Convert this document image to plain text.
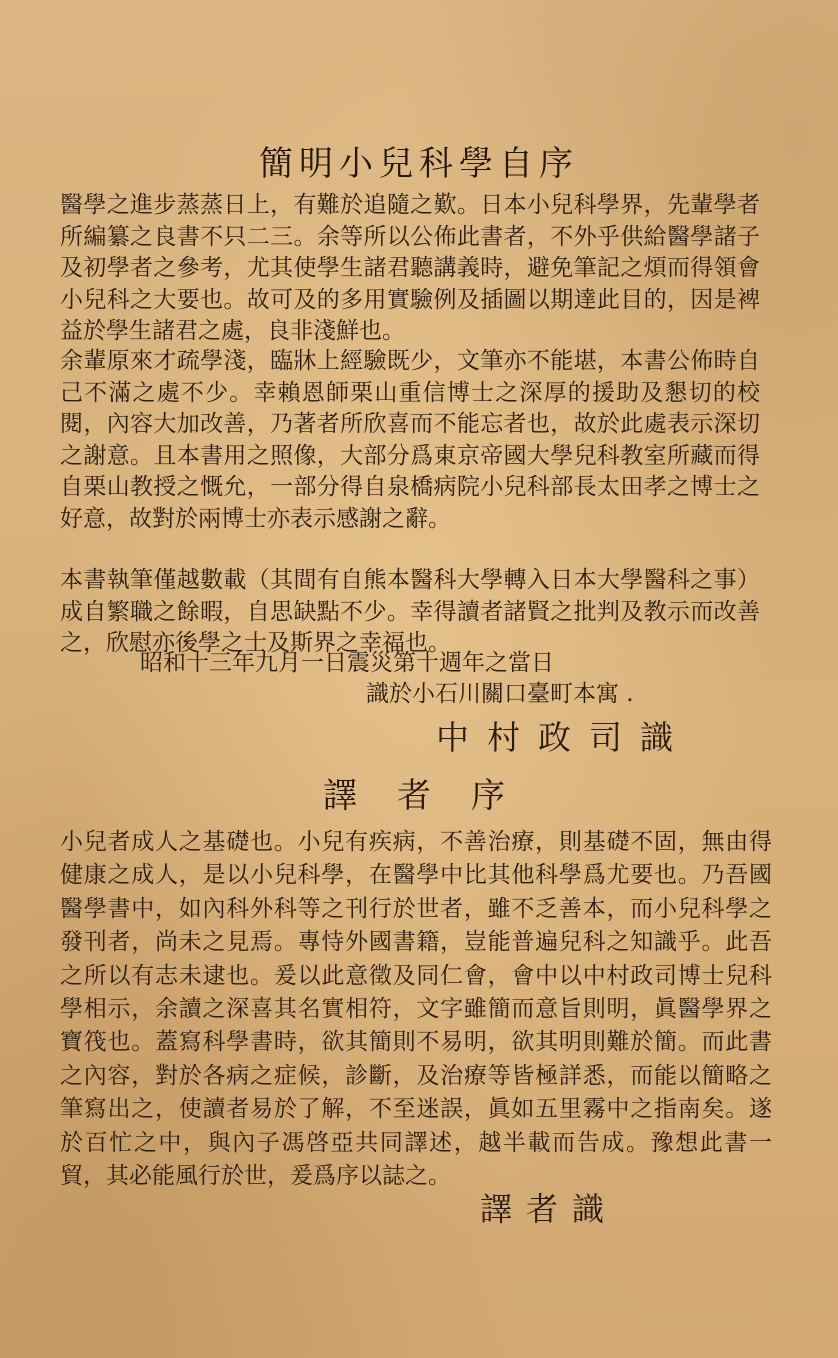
簡明小兒科學自序
醫學之進步蒸蒸日上，有難於追隨之歎。日本小兒科學界，先輩學者所編纂之良書不只二三。余等所以公佈此書者，不外乎供給醫學諸子及初學者之參考，尤其使學生諸君聽講義時，避免筆記之煩而得領會小兒科之大要也。故可及的多用實驗例及插圖以期達此目的，因是裨益於學生諸君之處，良非淺鮮也。
余輩原來才疏學淺，臨牀上經驗既少，文筆亦不能堪，本書公佈時自己不滿之處不少。幸賴恩師栗山重信博士之深厚的援助及懇切的校閱，內容大加改善，乃著者所欣喜而不能忘者也，故於此處表示深切之謝意。且本書用之照像，大部分爲東京帝國大學兒科教室所藏而得自栗山教授之慨允，一部分得自泉橋病院小兒科部長太田孝之博士之好意，故對於兩博士亦表示感謝之辭。
本書執筆僅越數載（其間有自熊本醫科大學轉入日本大學醫科之事）成自繁職之餘暇，自思缺點不少。幸得讀者諸賢之批判及教示而改善之，欣慰亦後學之士及斯界之幸福也。
昭和十三年九月一日震災第十週年之當日
識於小石川關口臺町本寓 .
中村政司識
譯者序
小兒者成人之基礎也。小兒有疾病，不善治療，則基礎不固，無由得健康之成人，是以小兒科學，在醫學中比其他科學爲尤要也。乃吾國醫學書中，如內科外科等之刊行於世者，雖不乏善本，而小兒科學之發刊者，尚未之見焉。專恃外國書籍，豈能普遍兒科之知識乎。此吾之所以有志未逮也。爰以此意徵及同仁會，會中以中村政司博士兒科學相示，余讀之深喜其名實相符，文字雖簡而意旨則明，眞醫學界之寶筏也。蓋寫科學書時，欲其簡則不易明，欲其明則難於簡。而此書之內容，對於各病之症候，診斷，及治療等皆極詳悉，而能以簡略之筆寫出之，使讀者易於了解，不至迷誤，眞如五里霧中之指南矣。遂於百忙之中，與內子馮啓亞共同譯述，越半載而告成。豫想此書一貿，其必能風行於世，爰爲序以誌之。
譯者識
